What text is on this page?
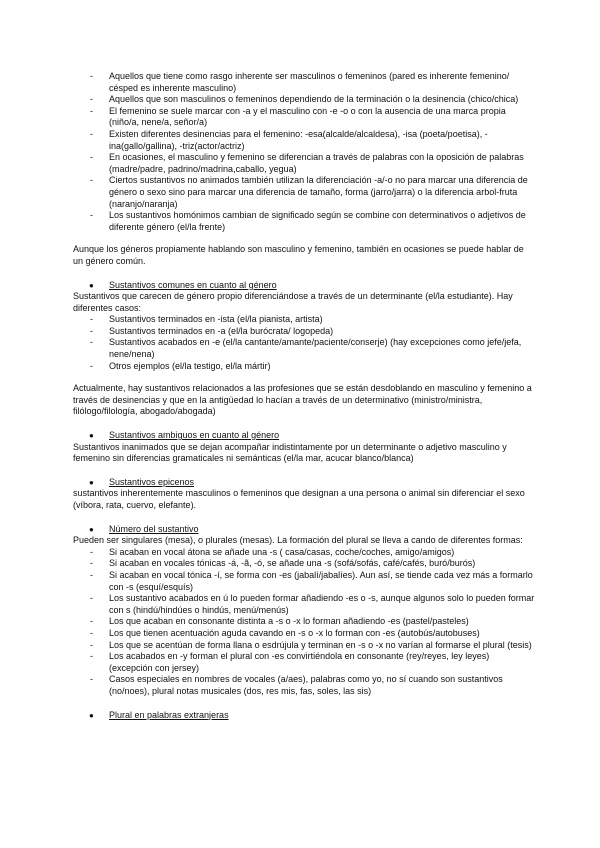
- Aquellos que tiene como rasgo inherente ser masculinos o femeninos (pared es inherente femenino/ césped es inherente masculino)
- Aquellos que son masculinos o femeninos dependiendo de la terminación o la desinencia (chico/chica)
- El femenino se suele marcar con -a y el masculino con -e -o o con la ausencia de una marca propia (niño/a, nene/a, señor/a)
- Existen diferentes desinencias para el femenino: -esa(alcalde/alcaldesa), -isa (poeta/poetisa), -ina(gallo/gallina), -triz(actor/actriz)
- En ocasiones, el masculino y femenino se diferencian a través de palabras con la oposición de palabras (madre/padre, padrino/madrina,caballo, yegua)
- Ciertos sustantivos no animados también utilizan la diferenciación -a/-o no para marcar una diferencia de género o sexo sino para marcar una diferencia de tamaño, forma (jarro/jarra) o la diferencia arbol-fruta (naranjo/naranja)
- Los sustantivos homónimos cambian de significado según se combine con determinativos o adjetivos de diferente género (el/la frente)

Aunque los géneros propiamente hablando son masculino y femenino, también en ocasiones se puede hablar de un género común.

● Sustantivos comunes en cuanto al género

Sustantivos que carecen de género propio diferenciándose a través de un determinante (el/la estudiante). Hay diferentes casos:

- Sustantivos terminados en -ista (el/la pianista, artista)
- Sustantivos terminados en -a (el/la burócrata/ logopeda)
- Sustantivos acabados en -e (el/la cantante/amante/paciente/conserje) (hay excepciones como jefe/jefa, nene/nena)
- Otros ejemplos (el/la testigo, el/la mártir)

Actualmente, hay sustantivos relacionados a las profesiones que se están desdoblando en masculino y femenino a través de desinencias y que en la antigüedad lo hacían a través de un determinativo (ministro/ministra, filólogo/filología, abogado/abogada)

● Sustantivos ambiguos en cuanto al género

Sustantivos inanimados que se dejan acompañar indistintamente por un determinante o adjetivo masculino y femenino sin diferencias gramaticales ni semánticas (el/la mar, acucar blanco/blanca)

● Sustantivos epicenos

sustantivos inherentemente masculinos o femeninos que designan a una persona o animal sin diferenciar el sexo (víbora, rata, cuervo, elefante).

● Número del sustantivo

Pueden ser singulares (mesa), o plurales (mesas). La formación del plural se lleva a cando de diferentes formas:

- Si acaban en vocal átona se añade una -s ( casa/casas, coche/coches, amigo/amigos)
- Si acaban en vocales tónicas -á, -ã, -ó, se añade una -s (sofá/sofás, café/cafés, buró/burós)
- Si acaban en vocal tónica -í, se forma con -es (jabalí/jabalíes). Aun así, se tiende cada vez más a formarlo con -s (esquí/esquís)
- Los sustantivo acabados en ú lo pueden formar añadiendo -es o -s, aunque algunos solo lo pueden formar con s (hindú/hindúes o hindús, menú/menús)
- Los que acaban en consonante distinta a -s o -x lo forman añadiendo -es (pastel/pasteles)
- Los que tienen acentuación aguda cavando en -s o -x lo forman con -es (autobús/autobuses)
- Los que se acentúan de forma llana o esdrújula y terminan en -s o -x no varían al formarse el plural (tesis)
- Los acabados en -y forman el plural con -es convirtiéndola en consonante (rey/reyes, ley leyes) (excepción con jersey)
- Casos especiales en nombres de vocales (a/aes), palabras como yo, no sí cuando son sustantivos (no/noes), plural notas musicales (dos, res mis, fas, soles, las sis)
● Plural en palabras extranjeras
